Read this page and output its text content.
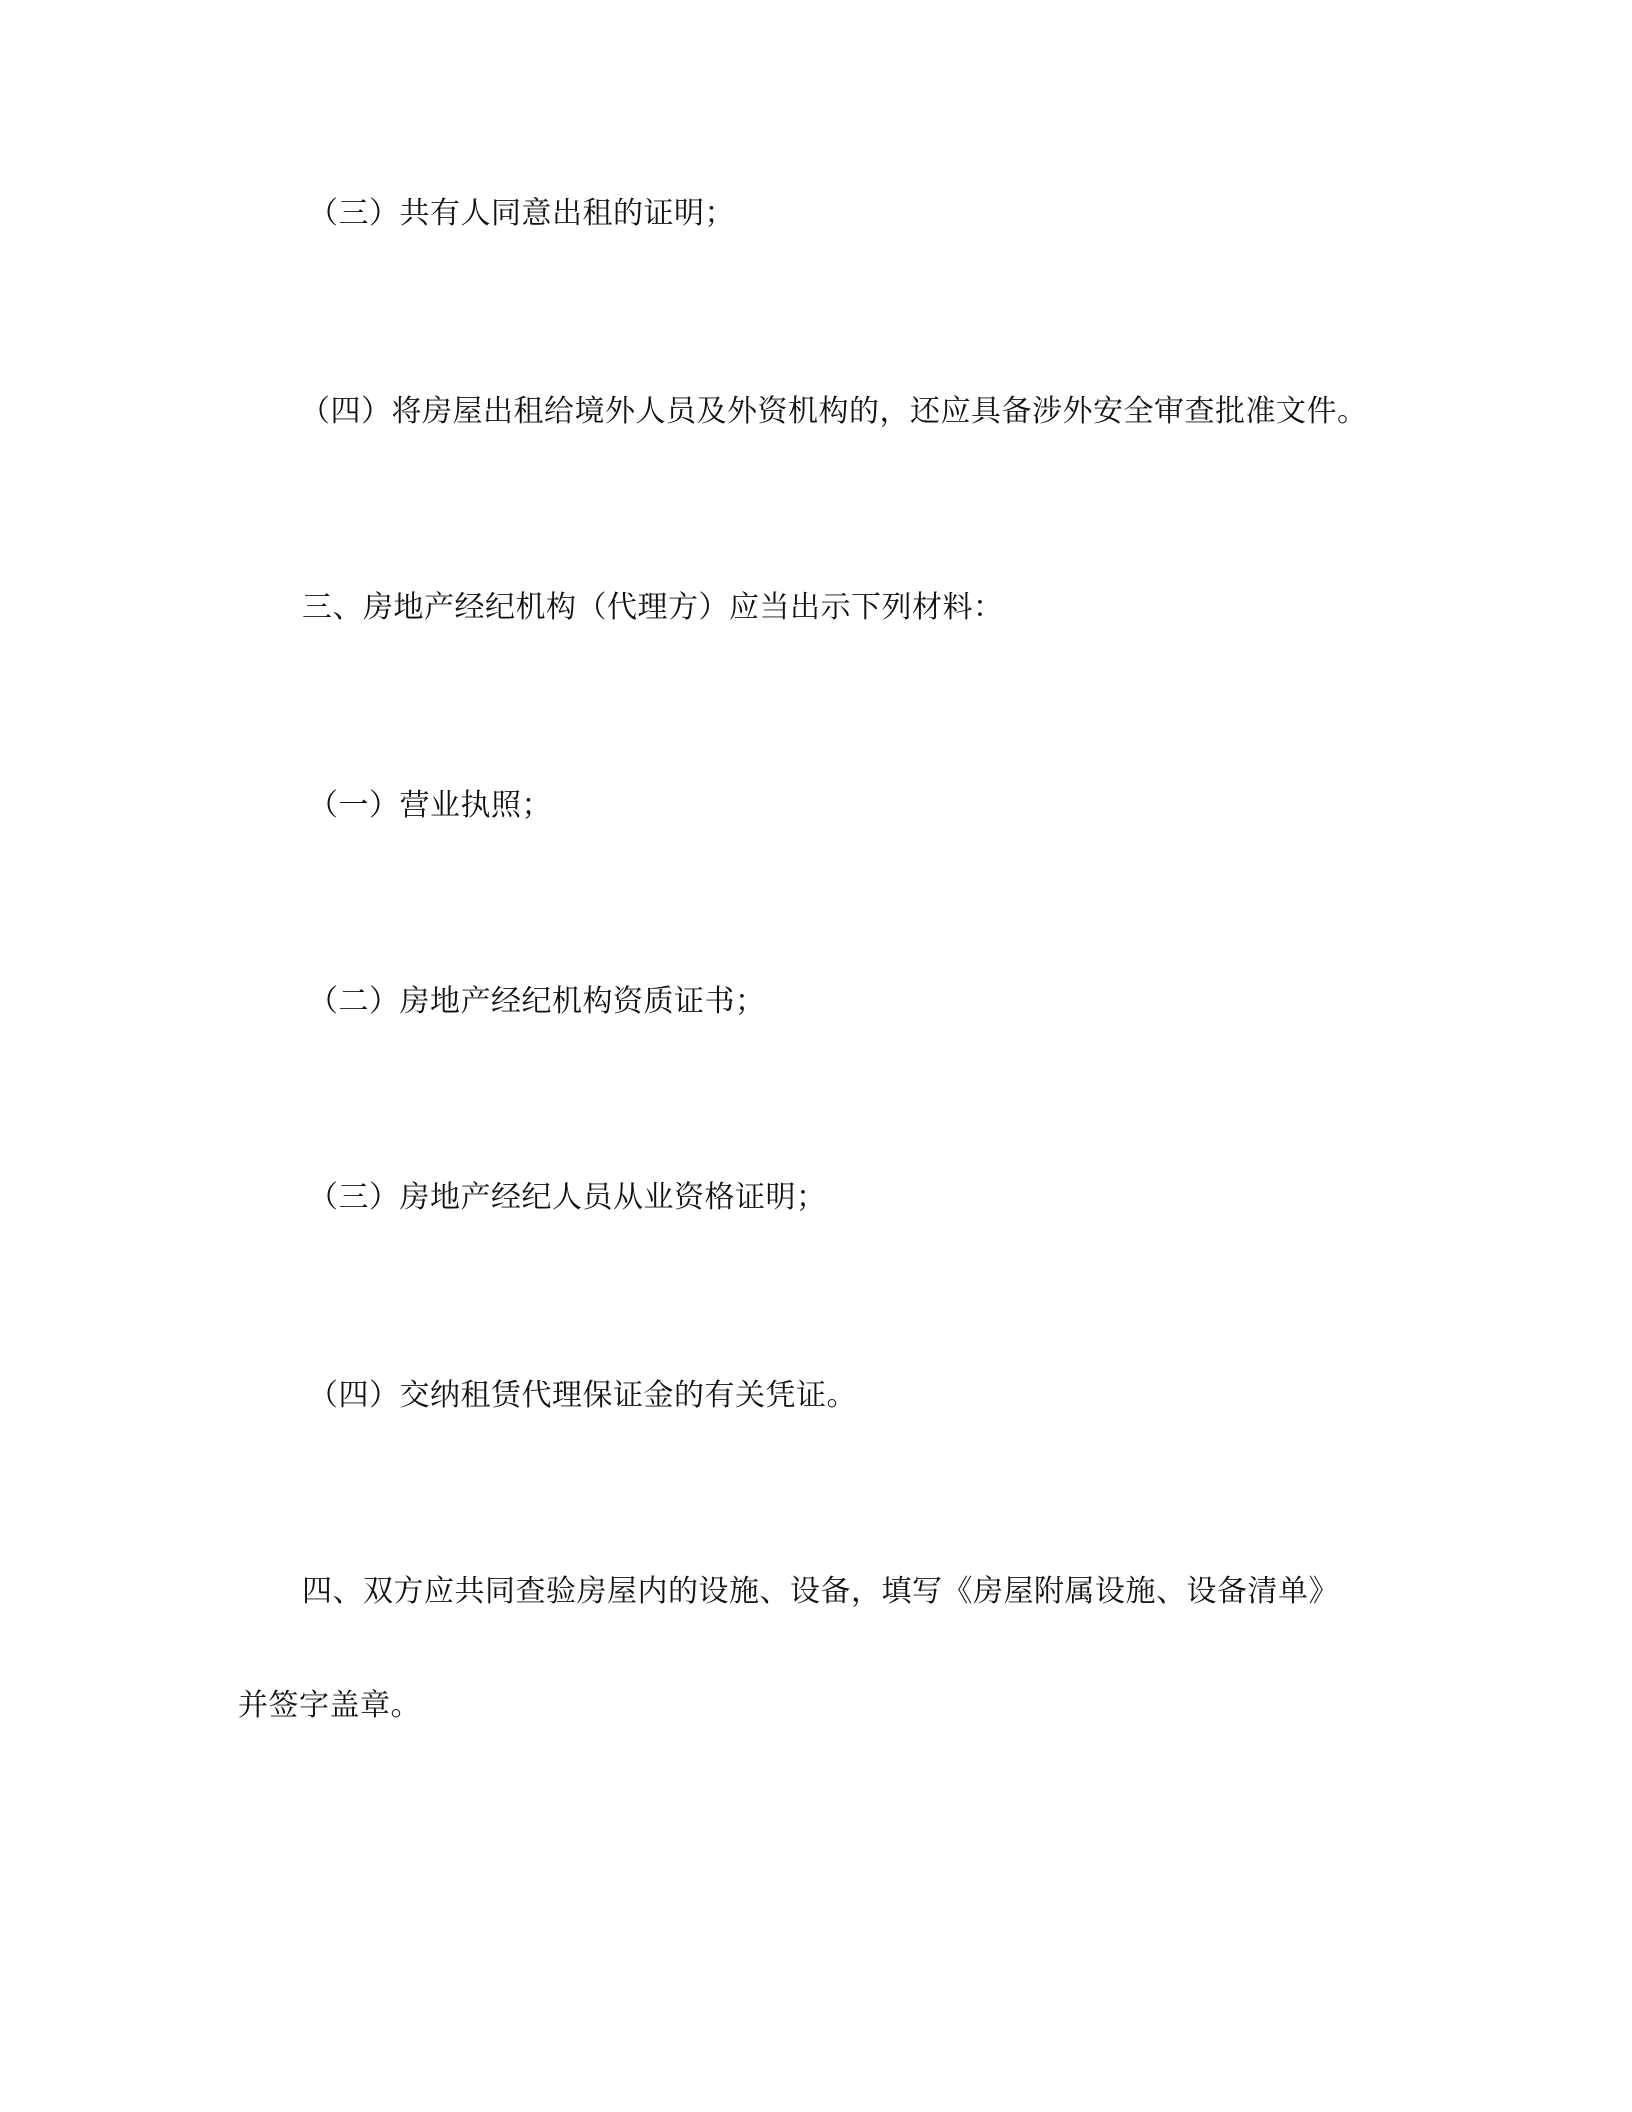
（三）共有人同意出租的证明；
（四）将房屋出租给境外人员及外资机构的，还应具备涉外安全审查批准文件。
三、房地产经纪机构（代理方）应当出示下列材料：
（一）营业执照；
（二）房地产经纪机构资质证书；
（三）房地产经纪人员从业资格证明；
（四）交纳租赁代理保证金的有关凭证。
四、双方应共同查验房屋内的设施、设备，填写《房屋附属设施、设备清单》
并签字盖章。
